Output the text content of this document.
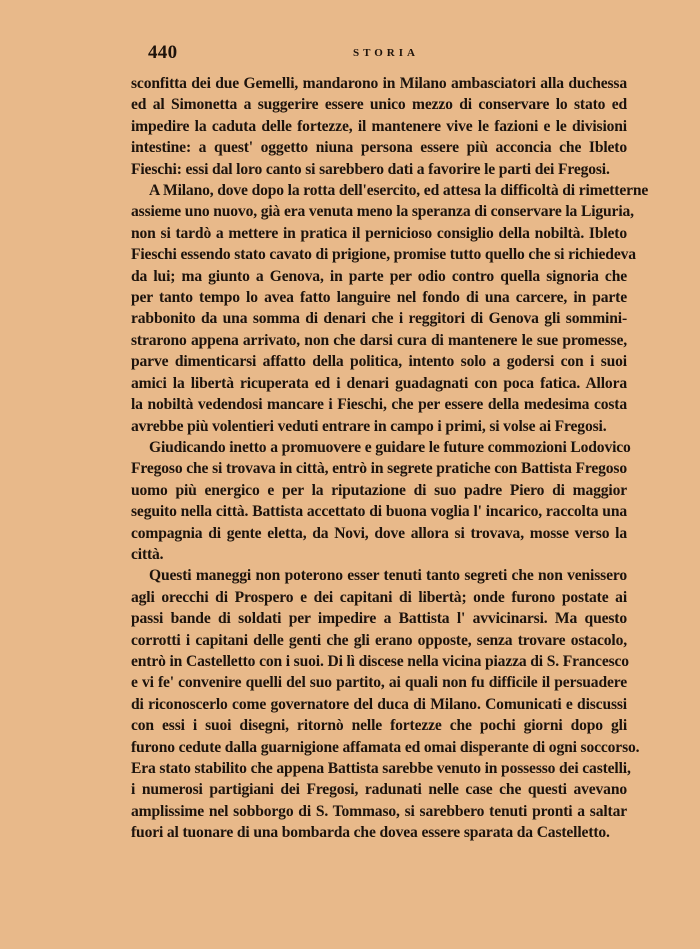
440	STORIA

sconfitta dei due Gemelli, mandarono in Milano ambasciatori alla duchessa
ed al Simonetta a suggerire essere unico mezzo di conservare lo stato ed
impedire la caduta delle fortezze, il mantenere vive le fazioni e le divisioni
intestine: a quest' oggetto niuna persona essere più acconcia che Ibleto
Fieschi: essi dal loro canto si sarebbero dati a favorire le parti dei Fregosi.

A Milano, dove dopo la rotta dell'esercito, ed attesa la difficoltà di rimetterne
assieme uno nuovo, già era venuta meno la speranza di conservare la Liguria,
non si tardò a mettere in pratica il pernicioso consiglio della nobiltà. Ibleto
Fieschi essendo stato cavato di prigione, promise tutto quello che si richiedeva
da lui; ma giunto a Genova, in parte per odio contro quella signoria che
per tanto tempo lo avea fatto languire nel fondo di una carcere, in parte
rabbonito da una somma di denari che i reggitori di Genova gli sommini-
strarono appena arrivato, non che darsi cura di mantenere le sue promesse,
parve dimenticarsi affatto della politica, intento solo a godersi con i suoi
amici la libertà ricuperata ed i denari guadagnati con poca fatica. Allora
la nobiltà vedendosi mancare i Fieschi, che per essere della medesima costa
avrebbe più volentieri veduti entrare in campo i primi, si volse ai Fregosi.

Giudicando inetto a promuovere e guidare le future commozioni Lodovico
Fregoso che si trovava in città, entrò in segrete pratiche con Battista Fregoso
uomo più energico e per la riputazione di suo padre Piero di maggior
seguito nella città. Battista accettato di buona voglia l' incarico, raccolta una
compagnia di gente eletta, da Novi, dove allora si trovava, mosse verso la
città.

Questi maneggi non poterono esser tenuti tanto segreti che non venissero
agli orecchi di Prospero e dei capitani di libertà; onde furono postate ai
passi bande di soldati per impedire a Battista l' avvicinarsi. Ma questo
corrotti i capitani delle genti che gli erano opposte, senza trovare ostacolo,
entrò in Castelletto con i suoi. Di lì discese nella vicina piazza di S. Francesco
e vi fe' convenire quelli del suo partito, ai quali non fu difficile il persuadere
di riconoscerlo come governatore del duca di Milano. Comunicati e discussi
con essi i suoi disegni, ritornò nelle fortezze che pochi giorni dopo gli
furono cedute dalla guarnigione affamata ed omai disperante di ogni soccorso.
Era stato stabilito che appena Battista sarebbe venuto in possesso dei castelli,
i numerosi partigiani dei Fregosi, radunati nelle case che questi avevano
amplissime nel sobborgo di S. Tommaso, si sarebbero tenuti pronti a saltar
fuori al tuonare di una bombarda che dovea essere sparata da Castelletto.
